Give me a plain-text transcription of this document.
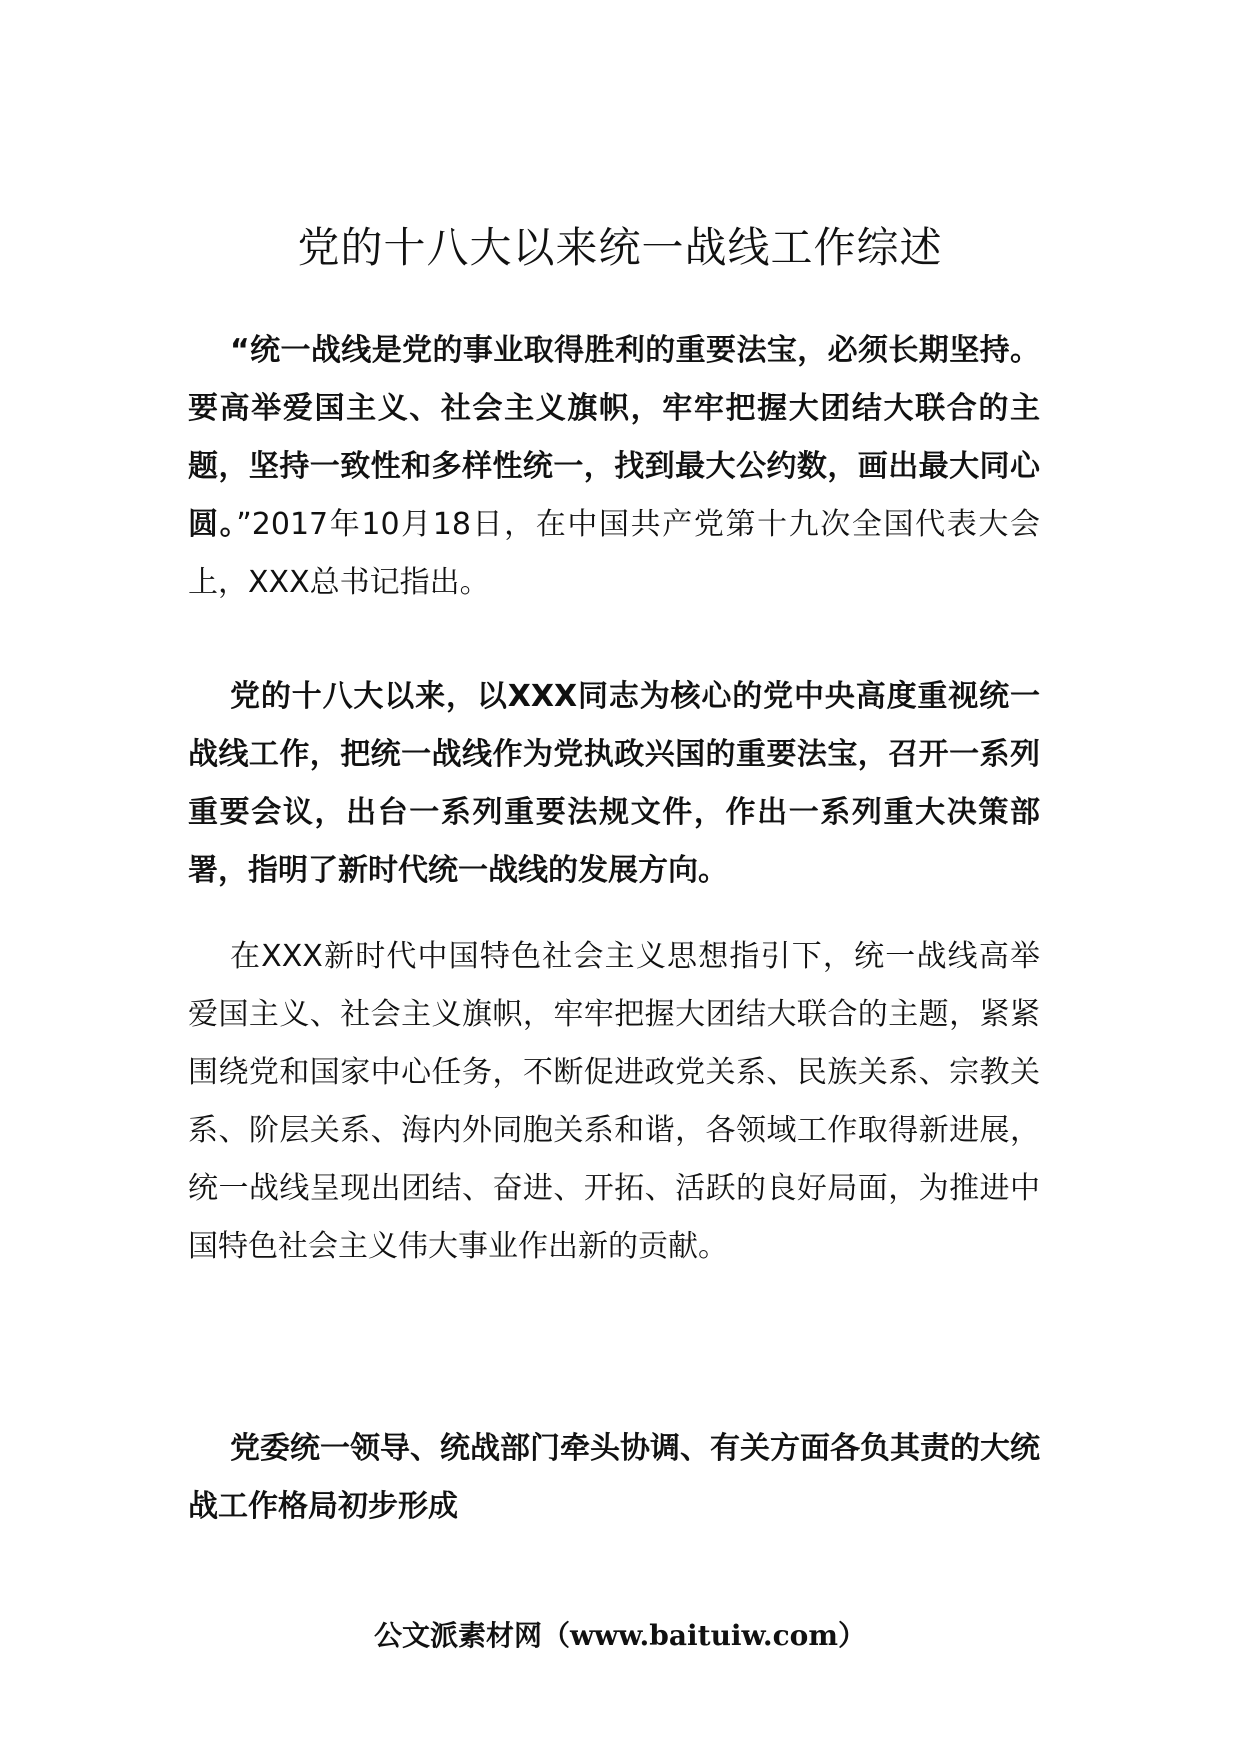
党的十八大以来统一战线工作综述

“统一战线是党的事业取得胜利的重要法宝，必须长期坚持。要高举爱国主义、社会主义旗帜，牢牢把握大团结大联合的主题，坚持一致性和多样性统一，找到最大公约数，画出最大同心圆。”2017年10月18日，在中国共产党第十九次全国代表大会上，XXX总书记指出。

党的十八大以来，以XXX同志为核心的党中央高度重视统一战线工作，把统一战线作为党执政兴国的重要法宝，召开一系列重要会议，出台一系列重要法规文件，作出一系列重大决策部署，指明了新时代统一战线的发展方向。

在XXX新时代中国特色社会主义思想指引下，统一战线高举爱国主义、社会主义旗帜，牢牢把握大团结大联合的主题，紧紧围绕党和国家中心任务，不断促进政党关系、民族关系、宗教关系、阶层关系、海内外同胞关系和谐，各领域工作取得新进展，统一战线呈现出团结、奋进、开拓、活跃的良好局面，为推进中国特色社会主义伟大事业作出新的贡献。

党委统一领导、统战部门牵头协调、有关方面各负其责的大统战工作格局初步形成

公文派素材网（www.baituiw.com）
